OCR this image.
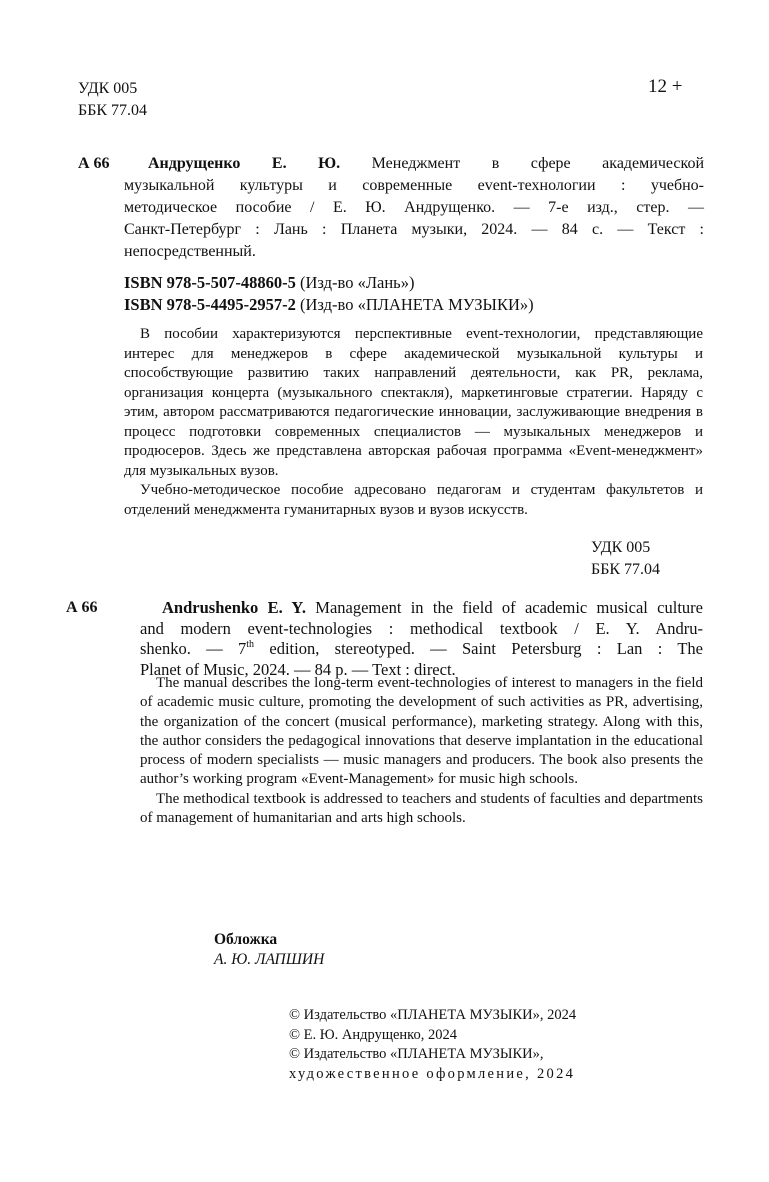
УДК 005
ББК 77.04
12 +
А 66	Андрущенко Е. Ю. Менеджмент в сфере академической
музыкальной культуры и современные event-технологии : учебно-
методическое пособие / Е. Ю. Андрущенко. — 7-е изд., стер. —
Санкт-Петербург : Лань : Планета музыки, 2024. — 84 с. — Текст :
непосредственный.
ISBN 978-5-507-48860-5 (Изд-во «Лань»)
ISBN 978-5-4495-2957-2 (Изд-во «ПЛАНЕТА МУЗЫКИ»)

В пособии характеризуются перспективные event-технологии, представляющие интерес для менеджеров в сфере академической музыкальной культуры и способствующие развитию таких направлений деятельности, как PR, реклама, организация концерта (музыкального спектакля), маркетинговые стратегии. Наряду с этим, автором рассматриваются педагогические инновации, заслуживающие внедрения в процесс подготовки современных специалистов — музыкальных менеджеров и продюсеров. Здесь же представлена авторская рабочая программа «Event-менеджмент» для музыкальных вузов.

Учебно-методическое пособие адресовано педагогам и студентам факультетов и отделений менеджмента гуманитарных вузов и вузов искусств.

УДК 005
ББК 77.04
А 66	Andrushenko E. Y. Management in the field of academic musical culture
and modern event-technologies : methodical textbook / E. Y. Andru-
shenko. — 7th edition, stereotyped. — Saint Petersburg : Lan : The
Planet of Music, 2024. — 84 p. — Text : direct.

The manual describes the long-term event-technologies of interest to managers in the field of academic music culture, promoting the development of such activities as PR, advertising, the organization of the concert (musical performance), marketing strategy. Along with this, the author considers the pedagogical innovations that deserve implantation in the educational process of modern specialists — music managers and producers. The book also presents the author’s working program «Event-Management» for music high schools.

The methodical textbook is addressed to teachers and students of faculties and departments of management of humanitarian and arts high schools.

Обложка
А. Ю. ЛАПШИН
© Издательство «ПЛАНЕТА МУЗЫКИ», 2024
© Е. Ю. Андрущенко, 2024
© Издательство «ПЛАНЕТА МУЗЫКИ»,
художественное оформление, 2024
